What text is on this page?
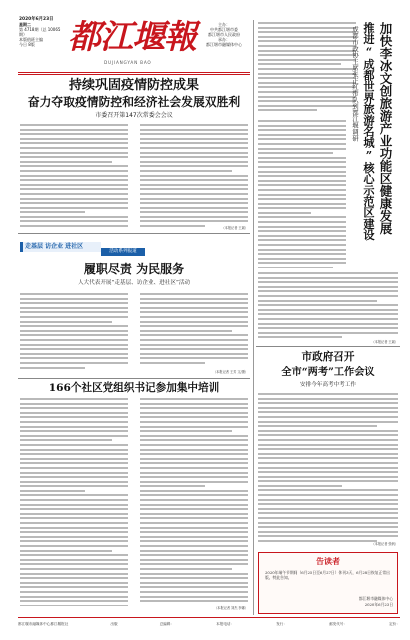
2020年6月23日
星期二
第 4718期（总 10065期）
本版值班主编
今日 8版	都江堰報
DUJIANGYAN BAO
主办：
中共都江堰市委
都江堰市人民政府
承办：
都江堰市融媒体中心
持续巩固疫情防控成果
奋力夺取疫情防控和经济社会发展双胜利
市委召开第147次常委会会议
（本报记者 王斌）
走基层 访企业 进社区
活动系列报道
履职尽责 为民服务
人大代表开展“走基层、访企业、进社区”活动
（本报记者 王芳 文/摄）
166个社区党组织书记参加集中培训
（本报记者 刘杰 李娜）
加快李冰文创旅游产业功能区健康发展
推进“成都世界旅游名城”核心示范区建设
成都市政协主席张正红带队到都江堰调研
（本报记者 王斌）
市政府召开
全市“两考”工作会议
安排今年高考中考工作
（本报记者 张帆）
告读者
2020年端午节期间（6月25日至6月27日）休刊3天，6月28日恢复正常出版。特此告知。
都江堰市融媒体中心
2020年6月23日
都江堰市融媒体中心都江堰报社	出版	总编辑：	本报电话：	发行：	邮发代号：	定价：
